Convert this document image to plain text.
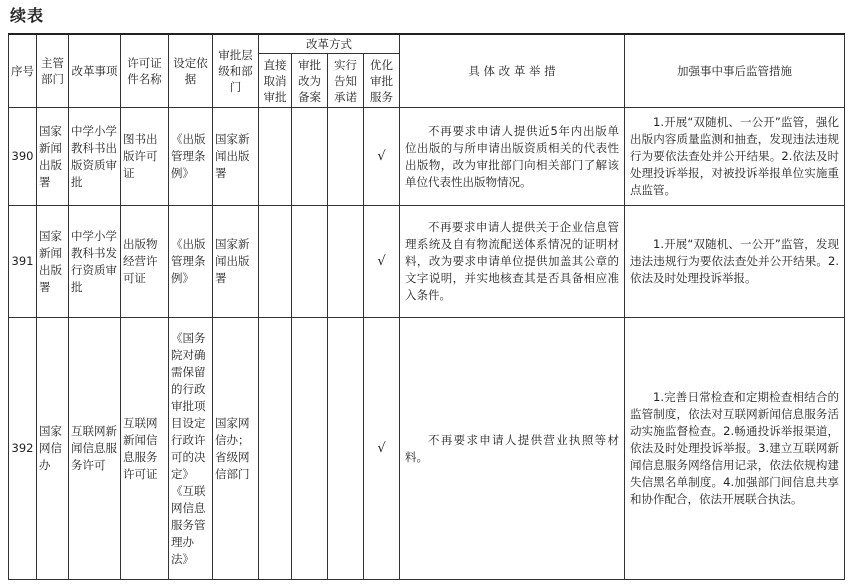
续表
序号	主管部门	改革事项	许可证件名称	设定依据	审批层级和部门	改革方式				具 体 改 革 举 措	加强事中事后监管措施
						直接取消审批	审批改为备案	实行告知承诺	优化审批服务		
390	国家新闻出版署	中学小学教科书出版资质审批	图书出版许可证	《出版管理条例》	国家新闻出版署				√	不再要求申请人提供近5年内出版单位出版的与所申请出版资质相关的代表性出版物，改为审批部门向相关部门了解该单位代表性出版物情况。	1.开展“双随机、一公开”监管，强化出版内容质量监测和抽查，发现违法违规行为要依法查处并公开结果。2.依法及时处理投诉举报，对被投诉举报单位实施重点监管。
391	国家新闻出版署	中学小学教科书发行资质审批	出版物经营许可证	《出版管理条例》	国家新闻出版署				√	不再要求申请人提供关于企业信息管理系统及自有物流配送体系情况的证明材料，改为要求申请单位提供加盖其公章的文字说明，并实地核查其是否具备相应准入条件。	1.开展“双随机、一公开”监管，发现违法违规行为要依法查处并公开结果。2.依法及时处理投诉举报。
392	国家网信办	互联网新闻信息服务许可	互联网新闻信息服务许可证	《国务院对确需保留的行政审批项目设定行政许可的决定》《互联网信息服务管理办法》	国家网信办；省级网信部门				√	不再要求申请人提供营业执照等材料。	1.完善日常检查和定期检查相结合的监管制度，依法对互联网新闻信息服务活动实施监督检查。2.畅通投诉举报渠道，依法及时处理投诉举报。3.建立互联网新闻信息服务网络信用记录，依法依规构建失信黑名单制度。4.加强部门间信息共享和协作配合，依法开展联合执法。
